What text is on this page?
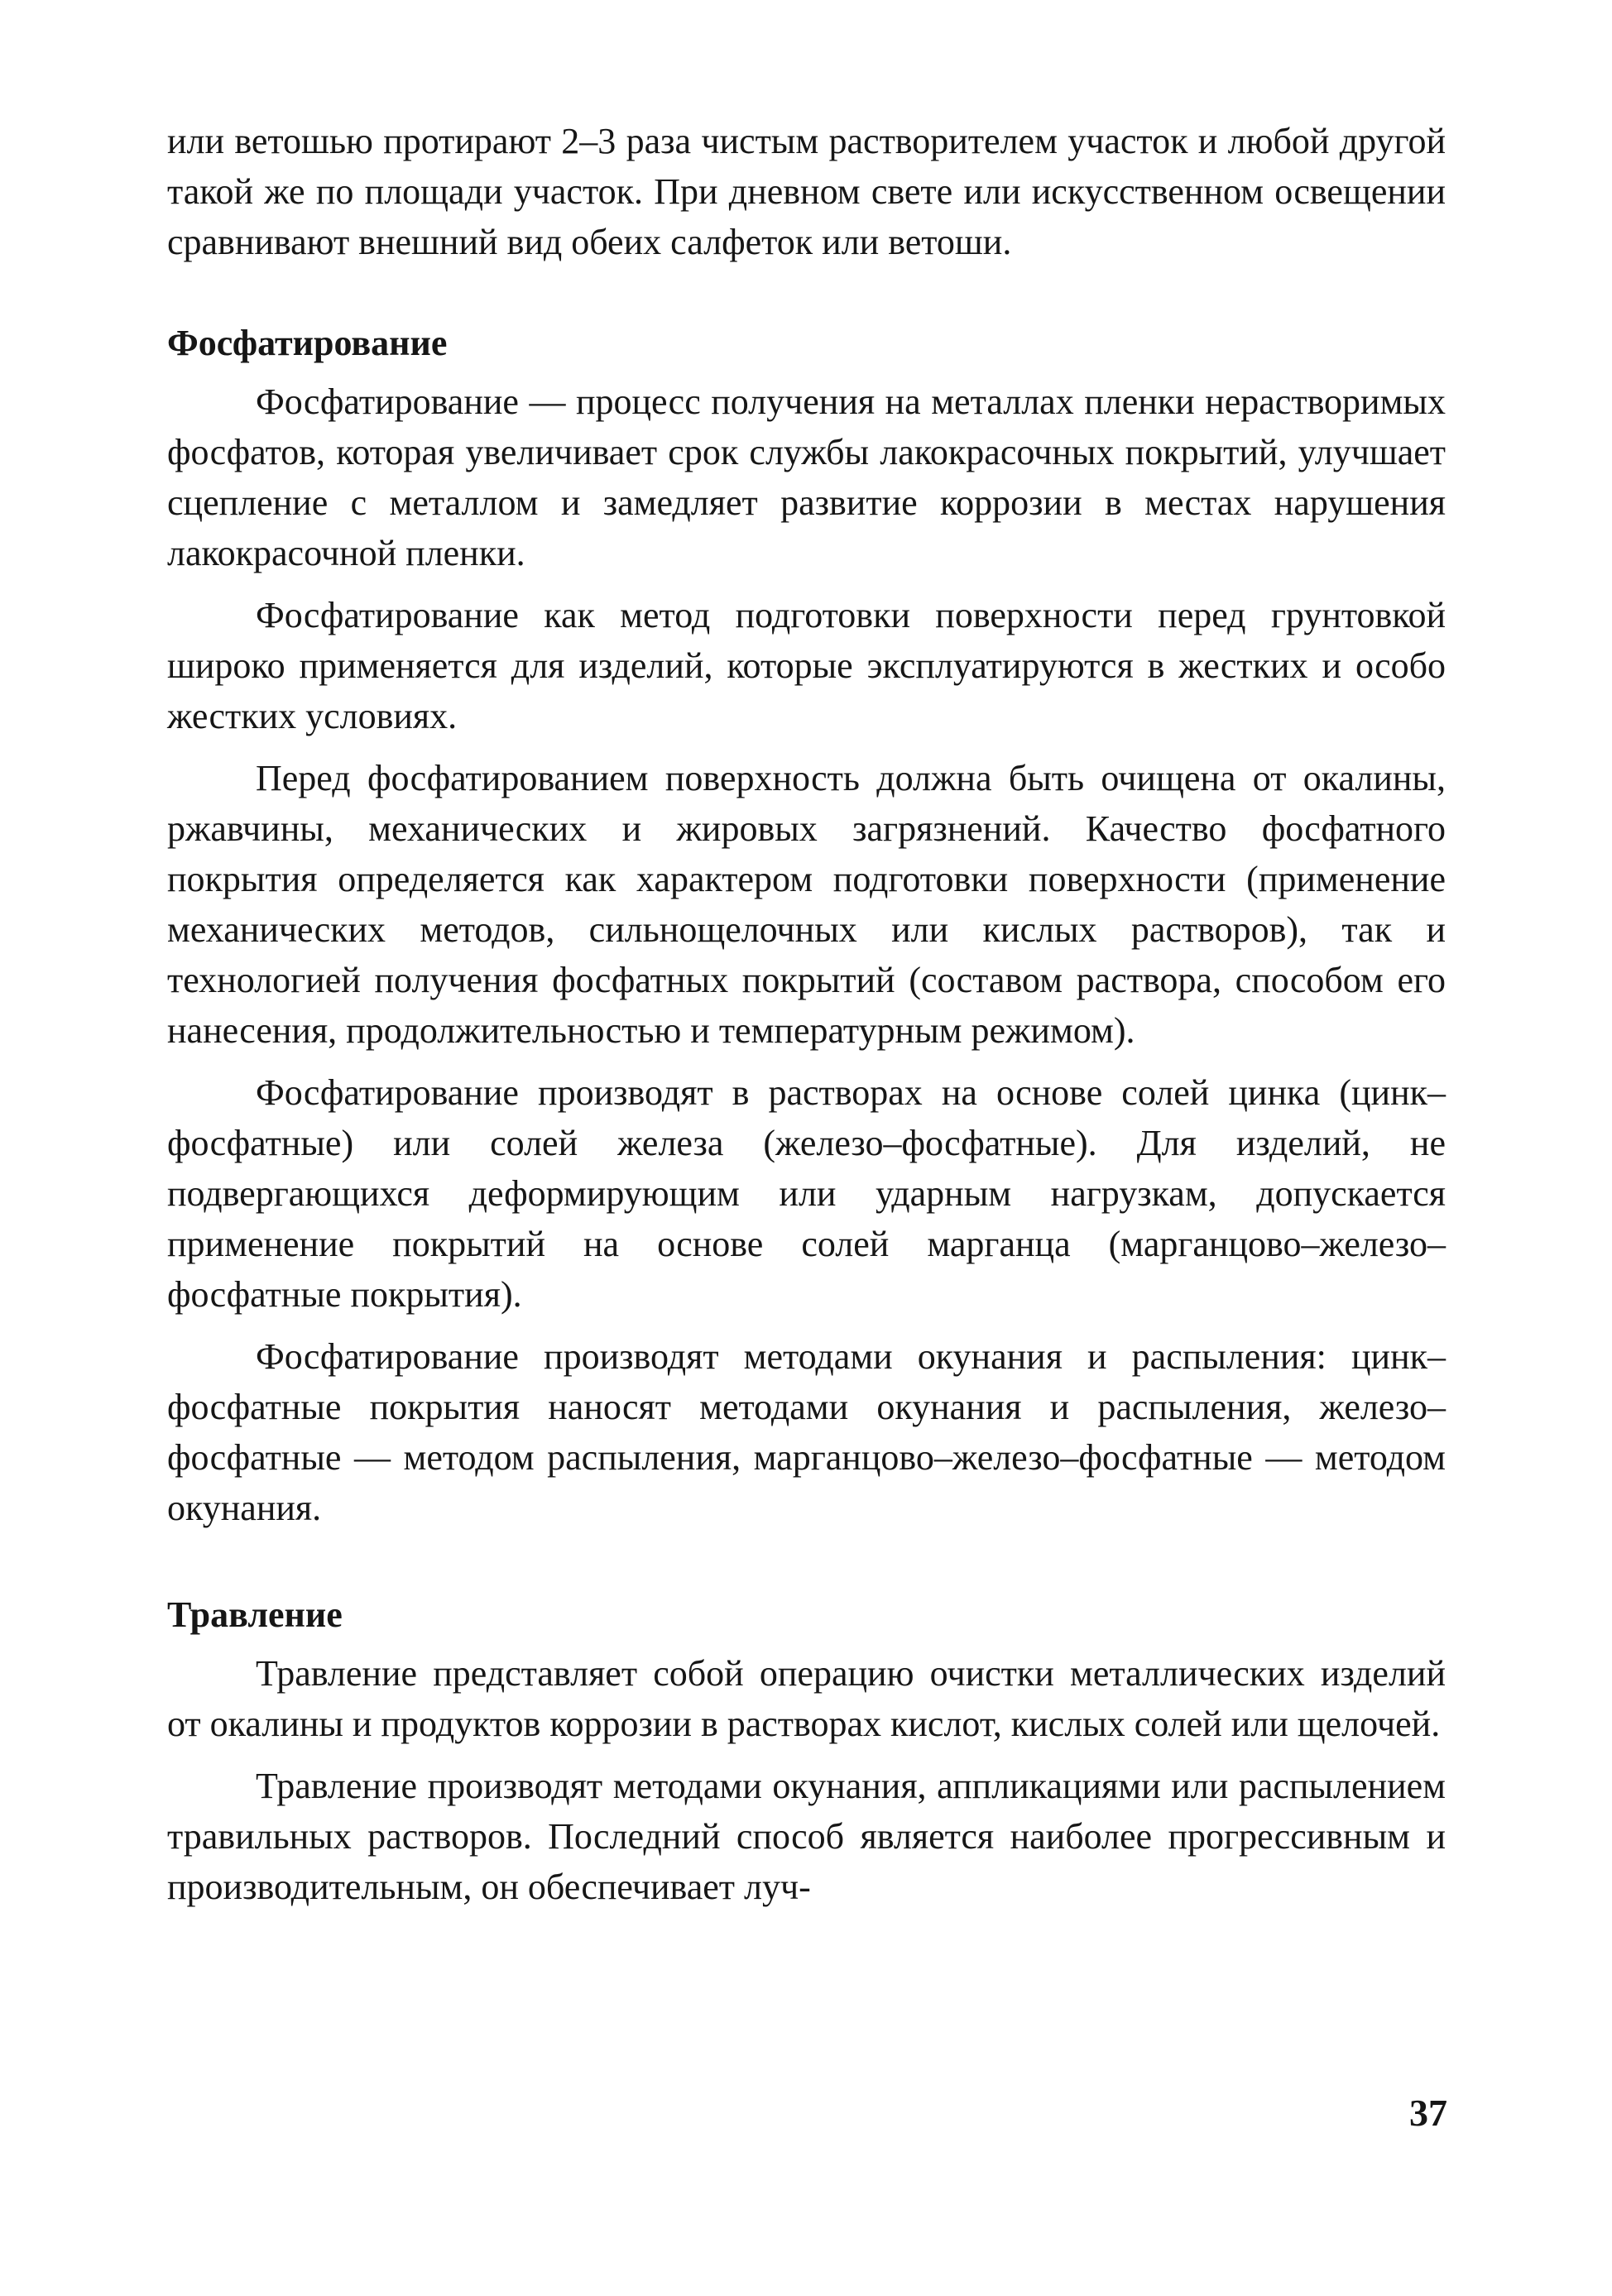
или ветошью протирают 2–3 раза чистым растворителем участок и любой другой такой же по площади участок. При дневном свете или искусственном освещении сравнивают внешний вид обеих салфеток или ветоши.

Фосфатирование

Фосфатирование — процесс получения на металлах пленки нерастворимых фосфатов, которая увеличивает срок службы лакокрасочных покрытий, улучшает сцепление с металлом и замедляет развитие коррозии в местах нарушения лакокрасочной пленки.

Фосфатирование как метод подготовки поверхности перед грунтовкой широко применяется для изделий, которые эксплуатируются в жестких и особо жестких условиях.

Перед фосфатированием поверхность должна быть очищена от окалины, ржавчины, механических и жировых загрязнений. Качество фосфатного покрытия определяется как характером подготовки поверхности (применение механических методов, сильнощелочных или кислых растворов), так и технологией получения фосфатных покрытий (составом раствора, способом его нанесения, продолжительностью и температурным режимом).

Фосфатирование производят в растворах на основе солей цинка (цинк–фосфатные) или солей железа (железо–фосфатные). Для изделий, не подвергающихся деформирующим или ударным нагрузкам, допускается применение покрытий на основе солей марганца (марганцово–железо–фосфатные покрытия).

Фосфатирование производят методами окунания и распыления: цинк–фосфатные покрытия наносят методами окунания и распыления, железо–фосфатные — методом распыления, марганцово–железо–фосфатные — методом окунания.

Травление

Травление представляет собой операцию очистки металлических изделий от окалины и продуктов коррозии в растворах кислот, кислых солей или щелочей.

Травление производят методами окунания, аппликациями или распылением травильных растворов. Последний способ является наиболее прогрессивным и производительным, он обеспечивает луч-

37
